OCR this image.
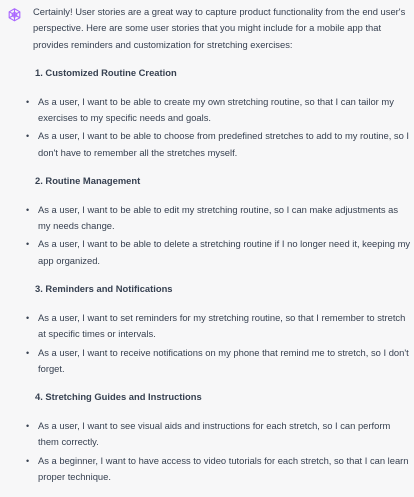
Certainly! User stories are a great way to capture product functionality from the end user's perspective. Here are some user stories that you might include for a mobile app that provides reminders and customization for stretching exercises:

1. Customized Routine Creation
• As a user, I want to be able to create my own stretching routine, so that I can tailor my exercises to my specific needs and goals.
• As a user, I want to be able to choose from predefined stretches to add to my routine, so I don't have to remember all the stretches myself.
2. Routine Management
• As a user, I want to be able to edit my stretching routine, so I can make adjustments as my needs change.
• As a user, I want to be able to delete a stretching routine if I no longer need it, keeping my app organized.
3. Reminders and Notifications
• As a user, I want to set reminders for my stretching routine, so that I remember to stretch at specific times or intervals.
• As a user, I want to receive notifications on my phone that remind me to stretch, so I don't forget.
4. Stretching Guides and Instructions
• As a user, I want to see visual aids and instructions for each stretch, so I can perform them correctly.
• As a beginner, I want to have access to video tutorials for each stretch, so that I can learn proper technique.
